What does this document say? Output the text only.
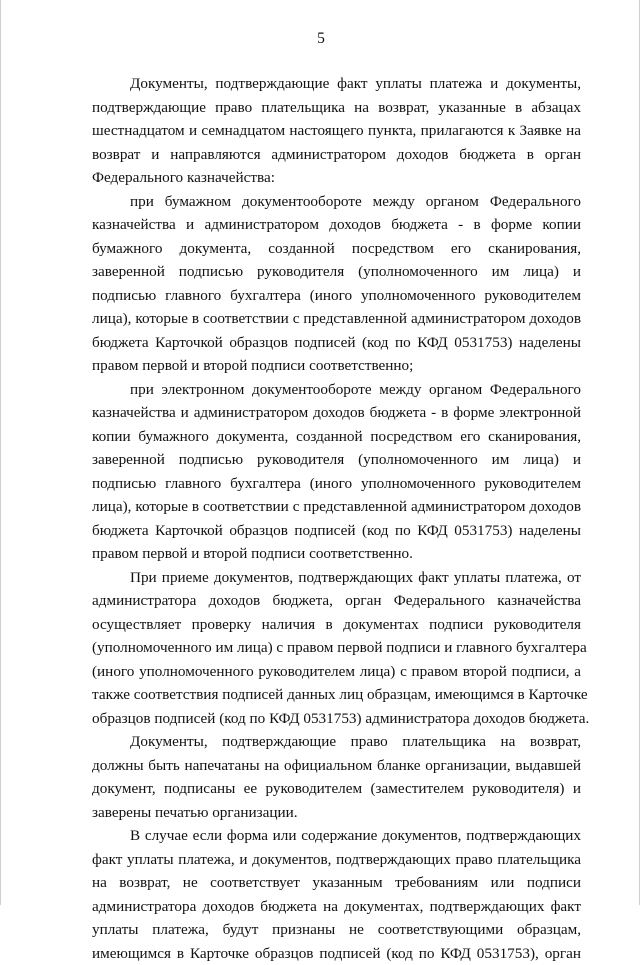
5
Документы, подтверждающие факт уплаты платежа и документы,
подтверждающие право плательщика на возврат, указанные в абзацах
шестнадцатом и семнадцатом настоящего пункта, прилагаются к Заявке на
возврат и направляются администратором доходов бюджета в орган
Федерального казначейства:
при бумажном документообороте между органом Федерального
казначейства и администратором доходов бюджета - в форме копии
бумажного документа, созданной посредством его сканирования,
заверенной подписью руководителя (уполномоченного им лица) и
подписью главного бухгалтера (иного уполномоченного руководителем
лица), которые в соответствии с представленной администратором доходов
бюджета Карточкой образцов подписей (код по КФД 0531753) наделены
правом первой и второй подписи соответственно;
при электронном документообороте между органом Федерального
казначейства и администратором доходов бюджета - в форме электронной
копии бумажного документа, созданной посредством его сканирования,
заверенной подписью руководителя (уполномоченного им лица) и
подписью главного бухгалтера (иного уполномоченного руководителем
лица), которые в соответствии с представленной администратором доходов
бюджета Карточкой образцов подписей (код по КФД 0531753) наделены
правом первой и второй подписи соответственно.
При приеме документов, подтверждающих факт уплаты платежа, от
администратора доходов бюджета, орган Федерального казначейства
осуществляет проверку наличия в документах подписи руководителя
(уполномоченного им лица) с правом первой подписи и главного бухгалтера
(иного уполномоченного руководителем лица) с правом второй подписи, а
также соответствия подписей данных лиц образцам, имеющимся в Карточке
образцов подписей (код по КФД 0531753) администратора доходов бюджета.
Документы, подтверждающие право плательщика на возврат,
должны быть напечатаны на официальном бланке организации, выдавшей
документ, подписаны ее руководителем (заместителем руководителя) и
заверены печатью организации.
В случае если форма или содержание документов, подтверждающих
факт уплаты платежа, и документов, подтверждающих право плательщика
на возврат, не соответствует указанным требованиям или подписи
администратора доходов бюджета на документах, подтверждающих факт
уплаты платежа, будут признаны не соответствующими образцам,
имеющимся в Карточке образцов подписей (код по КФД 0531753), орган
